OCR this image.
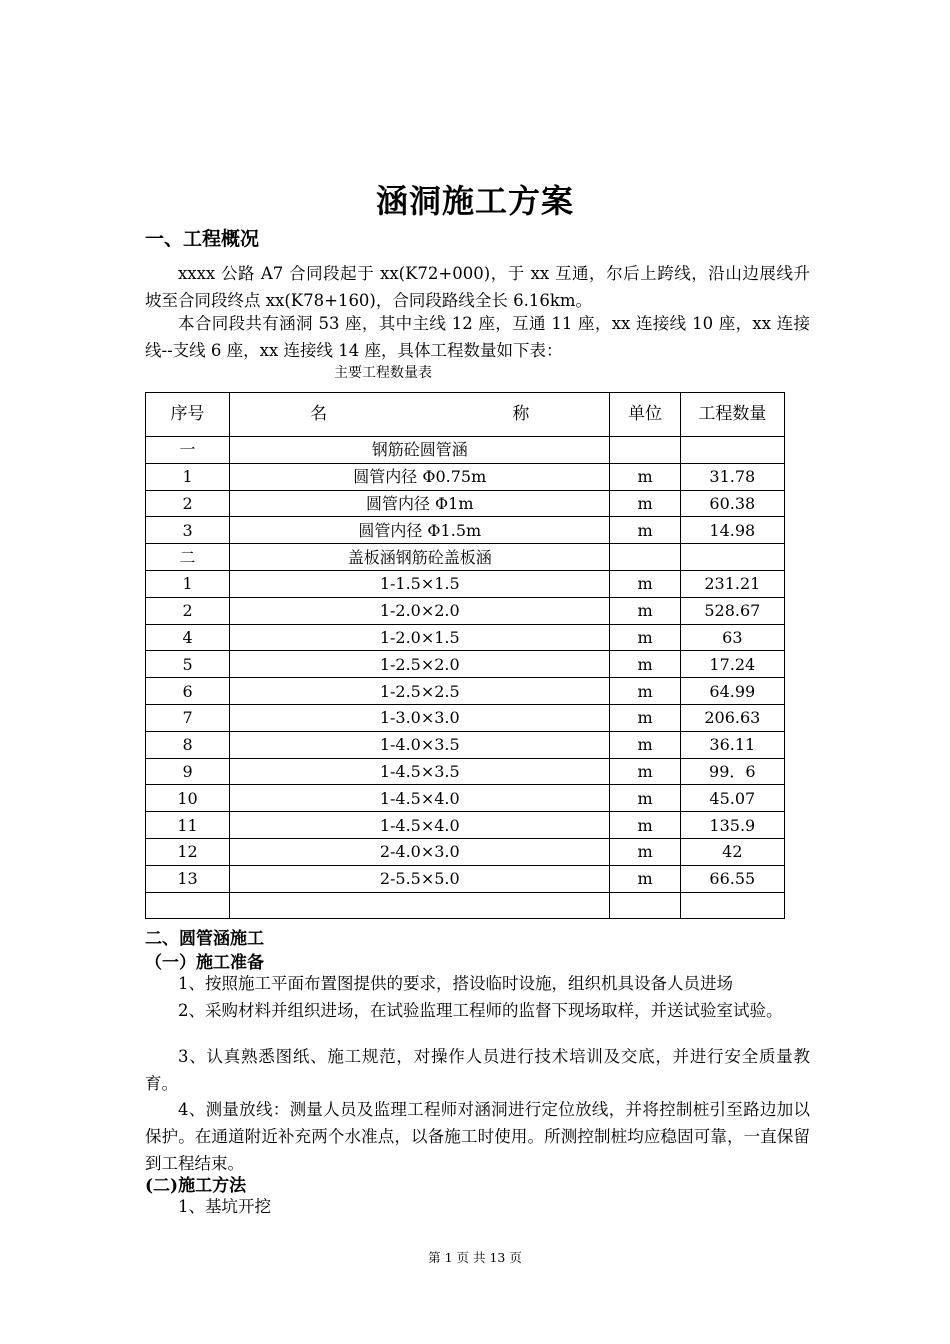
涵洞施工方案
一、工程概况
xxxx 公路 A7 合同段起于 xx(K72+000)，于 xx 互通，尔后上跨线，沿山边展线升坡至合同段终点 xx(K78+160)，合同段路线全长 6.16km。
本合同段共有涵洞 53 座，其中主线 12 座，互通 11 座，xx 连接线 10 座，xx 连接线--支线 6 座，xx 连接线 14 座，具体工程数量如下表：
主要工程数量表
序号	名 称	单位	工程数量
一	钢筋砼圆管涵		
1	圆管内径 Φ0.75m	m	31.78
2	圆管内径 Φ1m	m	60.38
3	圆管内径 Φ1.5m	m	14.98
二	盖板涵钢筋砼盖板涵		
1	1-1.5×1.5	m	231.21
2	1-2.0×2.0	m	528.67
4	1-2.0×1.5	m	63
5	1-2.5×2.0	m	17.24
6	1-2.5×2.5	m	64.99
7	1-3.0×3.0	m	206.63
8	1-4.0×3.5	m	36.11
9	1-4.5×3.5	m	99．6
10	1-4.5×4.0	m	45.07
11	1-4.5×4.0	m	135.9
12	2-4.0×3.0	m	42
13	2-5.5×5.0	m	66.55

二、圆管涵施工
（一）施工准备
1、按照施工平面布置图提供的要求，搭设临时设施，组织机具设备人员进场
2、采购材料并组织进场，在试验监理工程师的监督下现场取样，并送试验室试验。
3、认真熟悉图纸、施工规范，对操作人员进行技术培训及交底，并进行安全质量教育。
4、测量放线：测量人员及监理工程师对涵洞进行定位放线，并将控制桩引至路边加以保护。在通道附近补充两个水准点，以备施工时使用。所测控制桩均应稳固可靠，一直保留到工程结束。
(二)施工方法
1、基坑开挖
第 1 页 共 13 页
